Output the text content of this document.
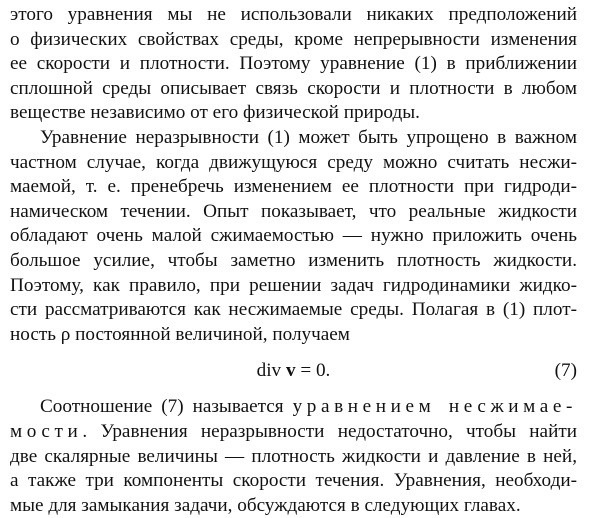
этого уравнения мы не использовали никаких предположений
о физических свойствах среды, кроме непрерывности изменения
ее скорости и плотности. Поэтому уравнение (1) в приближении
сплошной среды описывает связь скорости и плотности в любом
веществе независимо от его физической природы.
Уравнение неразрывности (1) может быть упрощено в важном
частном случае, когда движущуюся среду можно считать несжи-
маемой, т. е. пренебречь изменением ее плотности при гидроди-
намическом течении. Опыт показывает, что реальные жидкости
обладают очень малой сжимаемостью — нужно приложить очень
большое усилие, чтобы заметно изменить плотность жидкости.
Поэтому, как правило, при решении задач гидродинамики жидко-
сти рассматриваются как несжимаемые среды. Полагая в (1) плот-
ность ρ постоянной величиной, получаем
div v = 0.	(7)
Соотношение (7) называется уравнением несжимае-
мости. Уравнения неразрывности недостаточно, чтобы найти
две скалярные величины — плотность жидкости и давление в ней,
а также три компоненты скорости течения. Уравнения, необходи-
мые для замыкания задачи, обсуждаются в следующих главах.
